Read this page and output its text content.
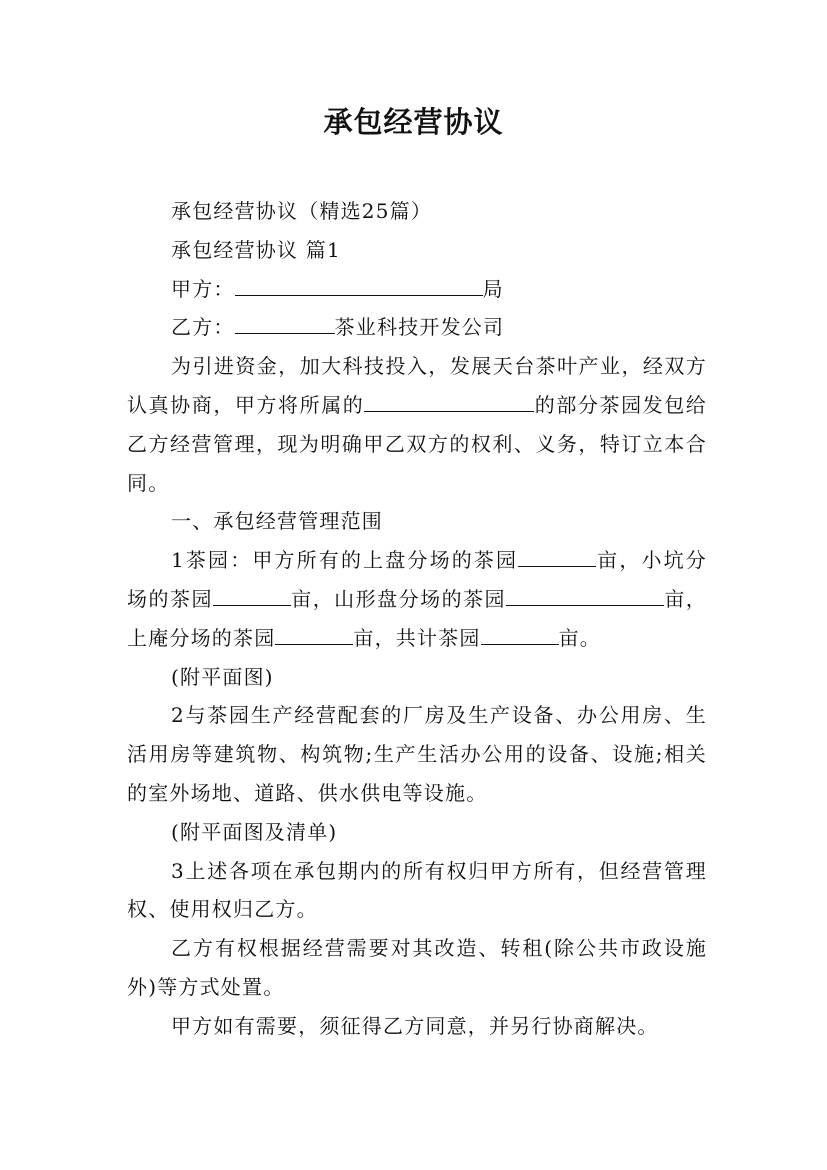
承包经营协议

承包经营协议（精选25篇）

承包经营协议 篇1

甲方：	局

乙方：	茶业科技开发公司

为引进资金，加大科技投入，发展天台茶叶产业，经双方认真协商，甲方将所属的	的部分茶园发包给乙方经营管理，现为明确甲乙双方的权利、义务，特订立本合同。

一、承包经营管理范围

1茶园：甲方所有的上盘分场的茶园	亩，小坑分场的茶园	亩，山形盘分场的茶园	亩，上庵分场的茶园	亩，共计茶园	亩。

(附平面图)

2与茶园生产经营配套的厂房及生产设备、办公用房、生活用房等建筑物、构筑物;生产生活办公用的设备、设施;相关的室外场地、道路、供水供电等设施。

(附平面图及清单)

3上述各项在承包期内的所有权归甲方所有，但经营管理权、使用权归乙方。

乙方有权根据经营需要对其改造、转租(除公共市政设施外)等方式处置。

甲方如有需要，须征得乙方同意，并另行协商解决。
